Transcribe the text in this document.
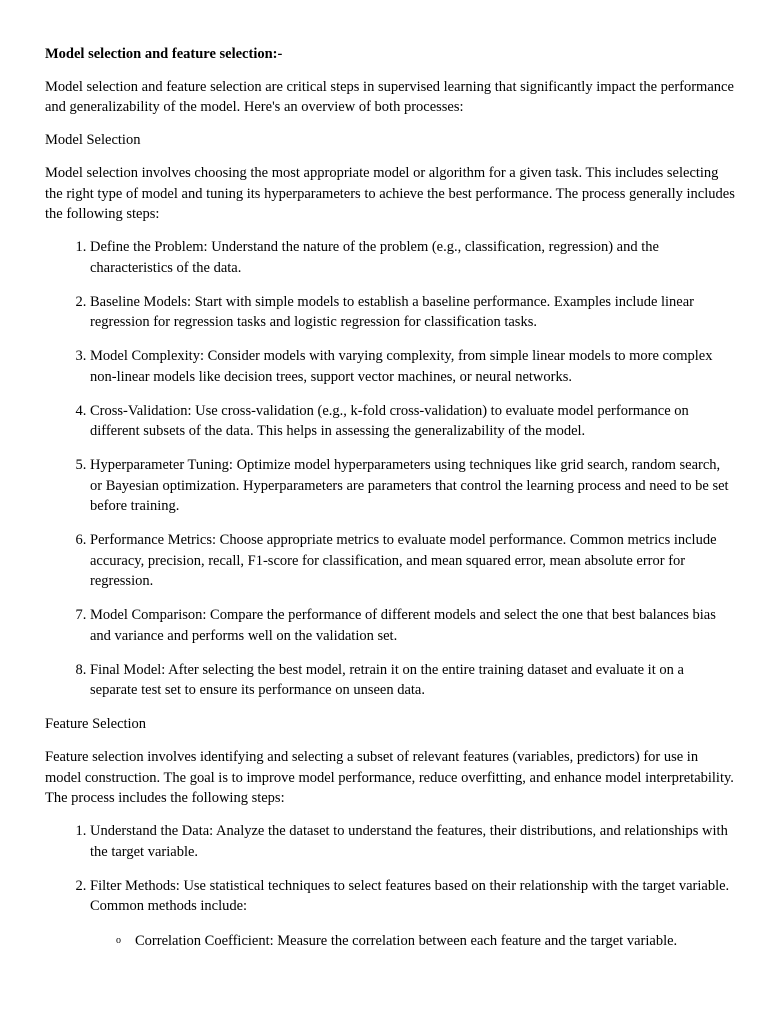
Model selection and feature selection:-

Model selection and feature selection are critical steps in supervised learning that significantly impact the performance and generalizability of the model. Here's an overview of both processes:

Model Selection

Model selection involves choosing the most appropriate model or algorithm for a given task. This includes selecting the right type of model and tuning its hyperparameters to achieve the best performance. The process generally includes the following steps:

1. Define the Problem: Understand the nature of the problem (e.g., classification, regression) and the characteristics of the data.
2. Baseline Models: Start with simple models to establish a baseline performance. Examples include linear regression for regression tasks and logistic regression for classification tasks.
3. Model Complexity: Consider models with varying complexity, from simple linear models to more complex non-linear models like decision trees, support vector machines, or neural networks.
4. Cross-Validation: Use cross-validation (e.g., k-fold cross-validation) to evaluate model performance on different subsets of the data. This helps in assessing the generalizability of the model.
5. Hyperparameter Tuning: Optimize model hyperparameters using techniques like grid search, random search, or Bayesian optimization. Hyperparameters are parameters that control the learning process and need to be set before training.
6. Performance Metrics: Choose appropriate metrics to evaluate model performance. Common metrics include accuracy, precision, recall, F1-score for classification, and mean squared error, mean absolute error for regression.
7. Model Comparison: Compare the performance of different models and select the one that best balances bias and variance and performs well on the validation set.
8. Final Model: After selecting the best model, retrain it on the entire training dataset and evaluate it on a separate test set to ensure its performance on unseen data.
Feature Selection

Feature selection involves identifying and selecting a subset of relevant features (variables, predictors) for use in model construction. The goal is to improve model performance, reduce overfitting, and enhance model interpretability. The process includes the following steps:

1. Understand the Data: Analyze the dataset to understand the features, their distributions, and relationships with the target variable.
2. Filter Methods: Use statistical techniques to select features based on their relationship with the target variable. Common methods include:
o Correlation Coefficient: Measure the correlation between each feature and the target variable.
